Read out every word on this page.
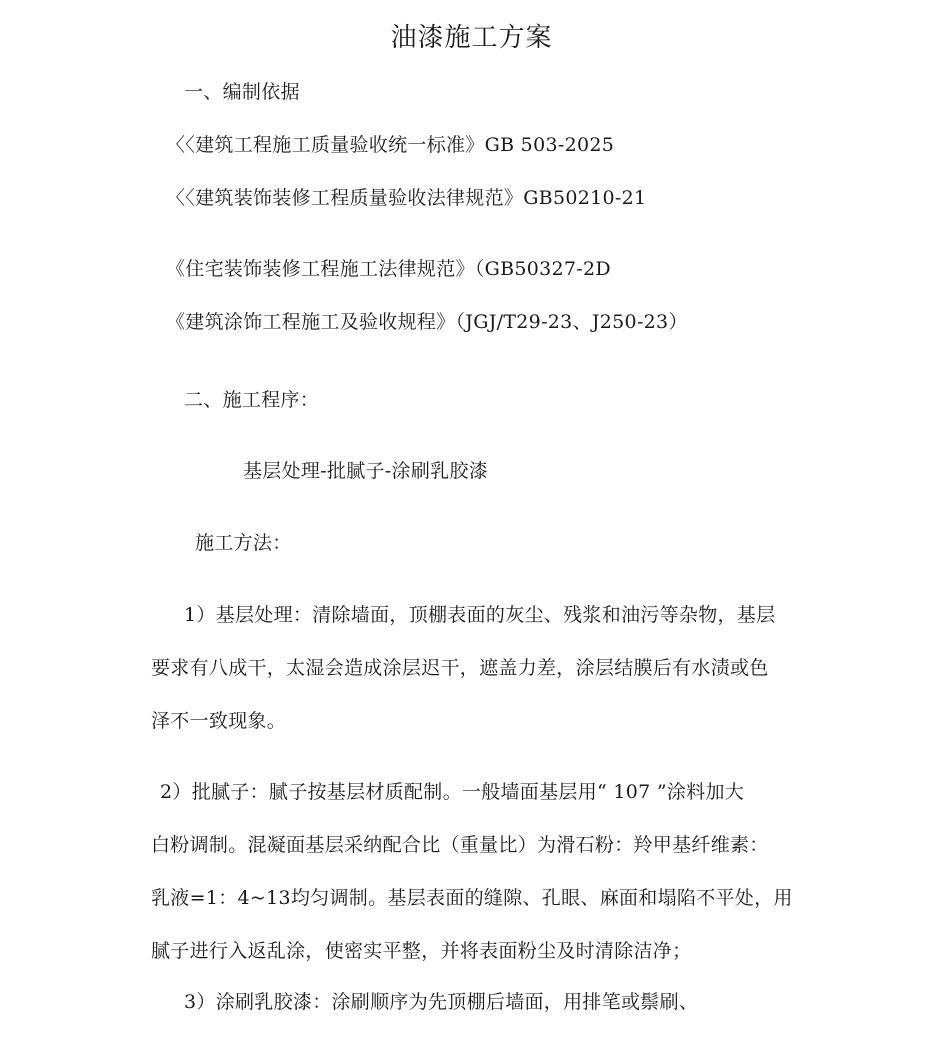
油漆施工方案
一、编制依据
〈〈建筑工程施工质量验收统一标准》GB 503-2025
〈〈建筑装饰装修工程质量验收法律规范》GB50210-21
《住宅装饰装修工程施工法律规范》（GB50327-2D
《建筑涂饰工程施工及验收规程》（JGJ/T29-23、J250-23）
二、施工程序：
基层处理-批腻子-涂刷乳胶漆
施工方法：
1）基层处理：清除墙面，顶棚表面的灰尘、残浆和油污等杂物，基层
要求有八成干，太湿会造成涂层迟干，遮盖力差，涂层结膜后有水渍或色
泽不一致现象。
2）批腻子：腻子按基层材质配制。一般墙面基层用“ 107 ”涂料加大
白粉调制。混凝面基层采纳配合比（重量比）为滑石粉：羚甲基纤维素：
乳液=1：4~13均匀调制。基层表面的缝隙、孔眼、麻面和塌陷不平处，用
腻子进行入返乱涂，使密实平整，并将表面粉尘及时清除洁净；
3）涂刷乳胶漆：涂刷顺序为先顶棚后墙面，用排笔或鬃刷、
